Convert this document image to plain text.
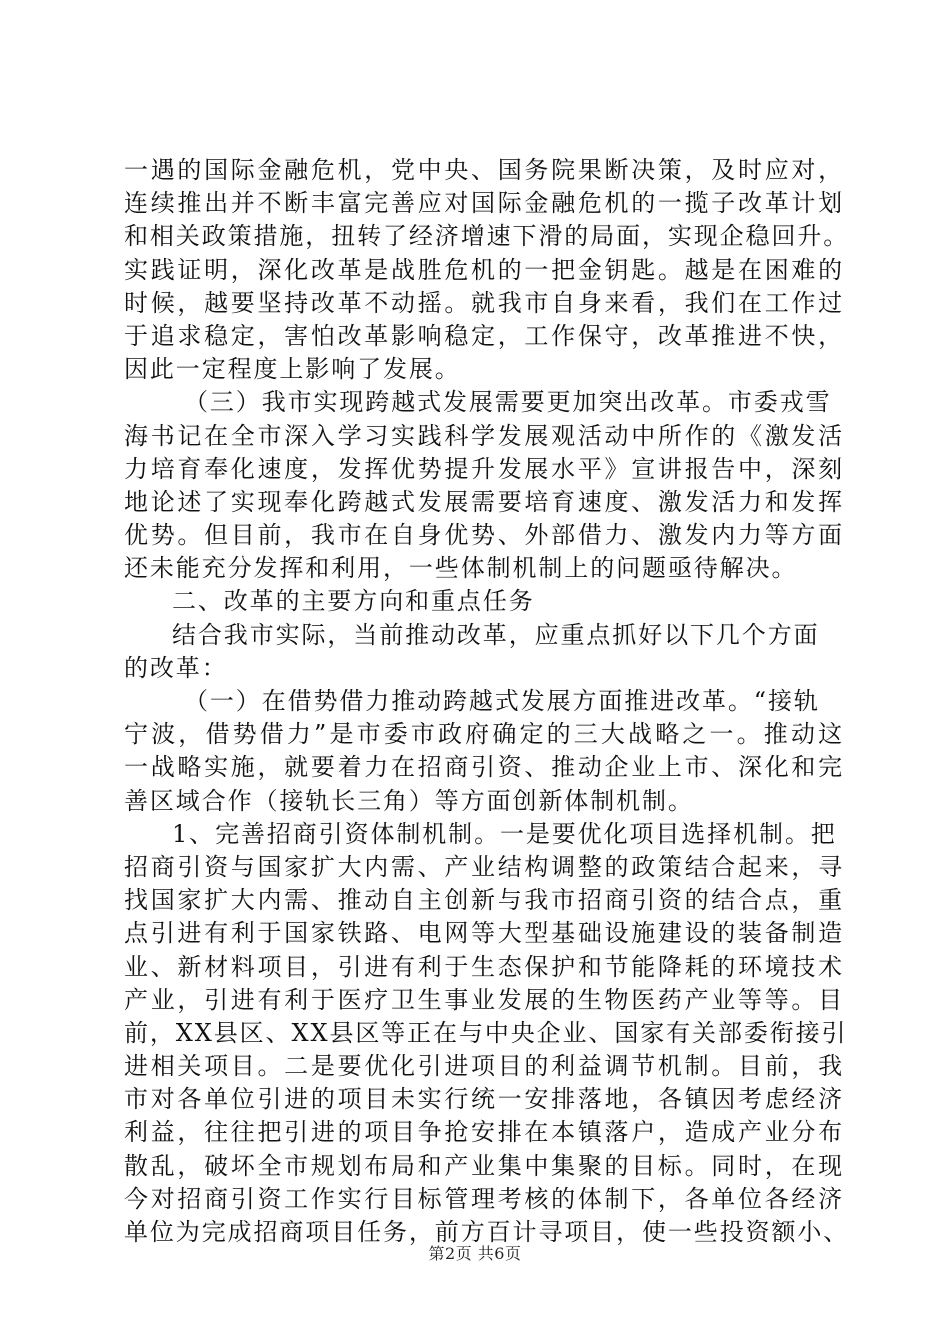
一遇的国际金融危机，党中央、国务院果断决策，及时应对，
连续推出并不断丰富完善应对国际金融危机的一揽子改革计划
和相关政策措施，扭转了经济增速下滑的局面，实现企稳回升。
实践证明，深化改革是战胜危机的一把金钥匙。越是在困难的
时候，越要坚持改革不动摇。就我市自身来看，我们在工作过
于追求稳定，害怕改革影响稳定，工作保守，改革推进不快，
因此一定程度上影响了发展。
（三）我市实现跨越式发展需要更加突出改革。市委戎雪
海书记在全市深入学习实践科学发展观活动中所作的《激发活
力培育奉化速度，发挥优势提升发展水平》宣讲报告中，深刻
地论述了实现奉化跨越式发展需要培育速度、激发活力和发挥
优势。但目前，我市在自身优势、外部借力、激发内力等方面
还未能充分发挥和利用，一些体制机制上的问题亟待解决。
二、改革的主要方向和重点任务
结合我市实际，当前推动改革，应重点抓好以下几个方面
的改革：
（一）在借势借力推动跨越式发展方面推进改革。“接轨
宁波，借势借力”是市委市政府确定的三大战略之一。推动这
一战略实施，就要着力在招商引资、推动企业上市、深化和完
善区域合作（接轨长三角）等方面创新体制机制。
1、完善招商引资体制机制。一是要优化项目选择机制。把
招商引资与国家扩大内需、产业结构调整的政策结合起来，寻
找国家扩大内需、推动自主创新与我市招商引资的结合点，重
点引进有利于国家铁路、电网等大型基础设施建设的装备制造
业、新材料项目，引进有利于生态保护和节能降耗的环境技术
产业，引进有利于医疗卫生事业发展的生物医药产业等等。目
前，XX县区、XX县区等正在与中央企业、国家有关部委衔接引
进相关项目。二是要优化引进项目的利益调节机制。目前，我
市对各单位引进的项目未实行统一安排落地，各镇因考虑经济
利益，往往把引进的项目争抢安排在本镇落户，造成产业分布
散乱，破坏全市规划布局和产业集中集聚的目标。同时，在现
今对招商引资工作实行目标管理考核的体制下，各单位各经济
单位为完成招商项目任务，前方百计寻项目，使一些投资额小、
第2页 共6页
